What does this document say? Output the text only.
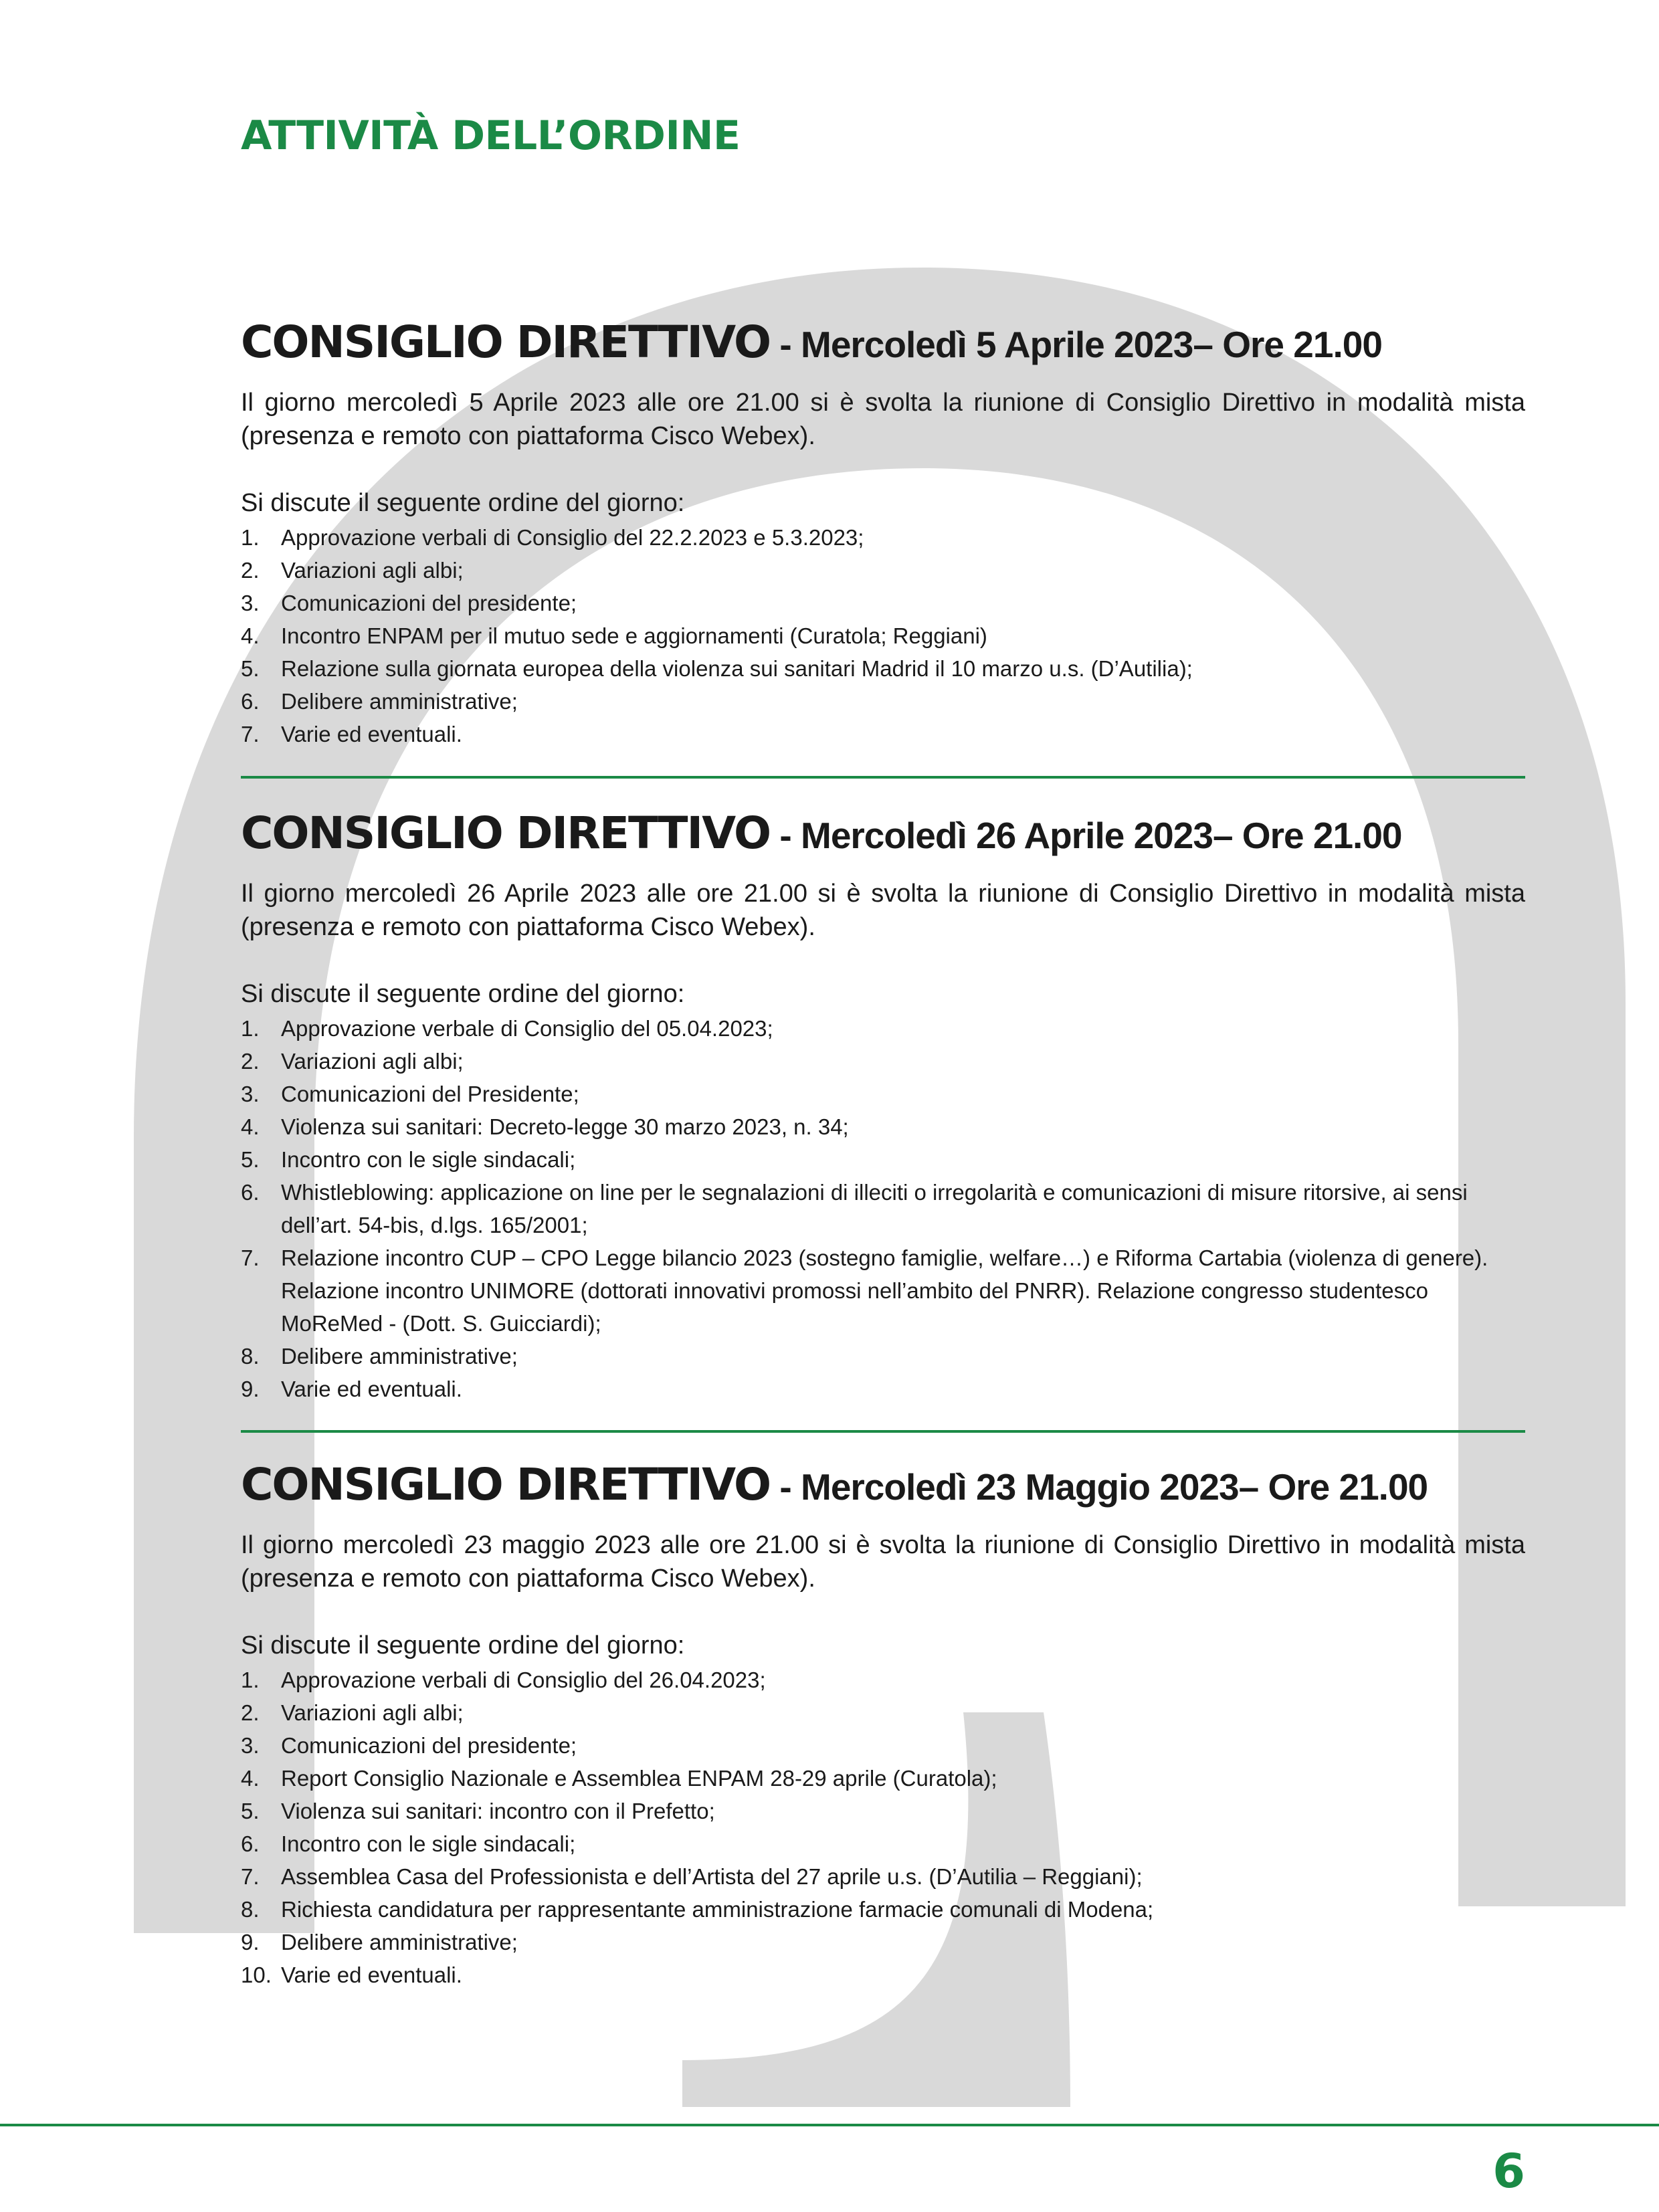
ATTIVITÀ DELL’ORDINE
CONSIGLIO DIRETTIVO - Mercoledì 5 Aprile 2023– Ore 21.00

Il giorno mercoledì 5 Aprile 2023 alle ore 21.00 si è svolta la riunione di Consiglio Direttivo in modalità mista (presenza e remoto con piattaforma Cisco Webex).

Si discute il seguente ordine del giorno:

1. Approvazione verbali di Consiglio del 22.2.2023 e 5.3.2023;
2. Variazioni agli albi;
3. Comunicazioni del presidente;
4. Incontro ENPAM per il mutuo sede e aggiornamenti (Curatola; Reggiani)
5. Relazione sulla giornata europea della violenza sui sanitari Madrid il 10 marzo u.s. (D’Autilia);
6. Delibere amministrative;
7. Varie ed eventuali.
CONSIGLIO DIRETTIVO - Mercoledì 26 Aprile 2023– Ore 21.00

Il giorno mercoledì 26 Aprile 2023 alle ore 21.00 si è svolta la riunione di Consiglio Direttivo in modalità mista (presenza e remoto con piattaforma Cisco Webex).

Si discute il seguente ordine del giorno:

1. Approvazione verbale di Consiglio del 05.04.2023;
2. Variazioni agli albi;
3. Comunicazioni del Presidente;
4. Violenza sui sanitari: Decreto-legge 30 marzo 2023, n. 34;
5. Incontro con le sigle sindacali;
6. Whistleblowing: applicazione on line per le segnalazioni di illeciti o irregolarità e comunicazioni di misure ritorsive, ai sensi dell’art. 54-bis, d.lgs. 165/2001;
7. Relazione incontro CUP – CPO Legge bilancio 2023 (sostegno famiglie, welfare…) e Riforma Cartabia (violenza di genere). Relazione incontro UNIMORE (dottorati innovativi promossi nell’ambito del PNRR). Relazione congresso studentesco MoReMed - (Dott. S. Guicciardi);
8. Delibere amministrative;
9. Varie ed eventuali.
CONSIGLIO DIRETTIVO - Mercoledì 23 Maggio 2023– Ore 21.00

Il giorno mercoledì 23 maggio 2023 alle ore 21.00 si è svolta la riunione di Consiglio Direttivo in modalità mista (presenza e remoto con piattaforma Cisco Webex).

Si discute il seguente ordine del giorno:

1. Approvazione verbali di Consiglio del 26.04.2023;
2. Variazioni agli albi;
3. Comunicazioni del presidente;
4. Report Consiglio Nazionale e Assemblea ENPAM 28-29 aprile (Curatola);
5. Violenza sui sanitari: incontro con il Prefetto;
6. Incontro con le sigle sindacali;
7. Assemblea Casa del Professionista e dell’Artista del 27 aprile u.s. (D’Autilia – Reggiani);
8. Richiesta candidatura per rappresentante amministrazione farmacie comunali di Modena;
9. Delibere amministrative;
10. Varie ed eventuali.
6
